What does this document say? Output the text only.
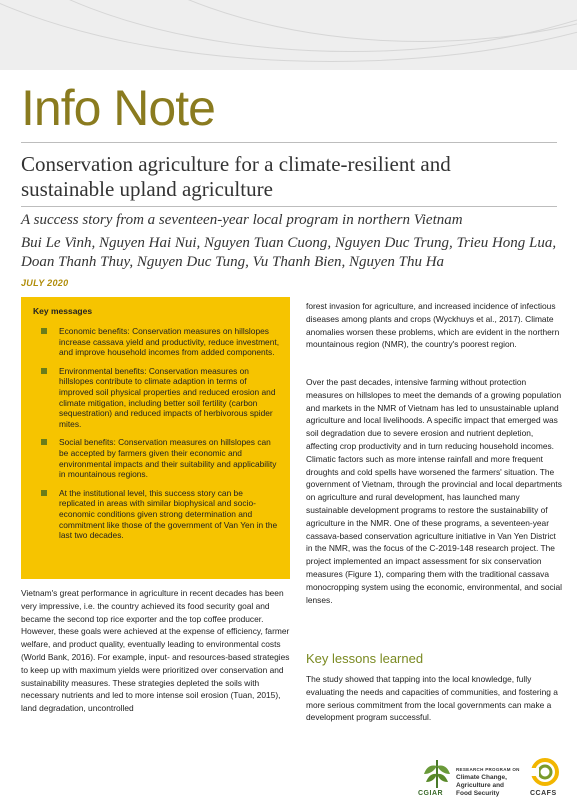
Info Note
Conservation agriculture for a climate-resilient and sustainable upland agriculture
A success story from a seventeen-year local program in northern Vietnam
Bui Le Vinh, Nguyen Hai Nui, Nguyen Tuan Cuong, Nguyen Duc Trung, Trieu Hong Lua, Doan Thanh Thuy, Nguyen Duc Tung, Vu Thanh Bien, Nguyen Thu Ha
JULY 2020
Key messages
Economic benefits: Conservation measures on hillslopes increase cassava yield and productivity, reduce investment, and improve household incomes from added components.
Environmental benefits: Conservation measures on hillslopes contribute to climate adaption in terms of improved soil physical properties and reduced erosion and climate mitigation, including better soil fertility (carbon sequestration) and reduced impacts of herbivorous spider mites.
Social benefits: Conservation measures on hillslopes can be accepted by farmers given their economic and environmental impacts and their suitability and applicability in mountainous regions.
At the institutional level, this success story can be replicated in areas with similar biophysical and socio-economic conditions given strong determination and commitment like those of the government of Van Yen in the last two decades.
Vietnam's great performance in agriculture in recent decades has been very impressive, i.e. the country achieved its food security goal and became the second top rice exporter and the top coffee producer. However, these goals were achieved at the expense of efficiency, farmer welfare, and product quality, eventually leading to environmental costs (World Bank, 2016). For example, input- and resources-based strategies to keep up with maximum yields were prioritized over conservation and sustainability measures. These strategies depleted the soils with necessary nutrients and led to more intense soil erosion (Tuan, 2015), land degradation, uncontrolled
forest invasion for agriculture, and increased incidence of infectious diseases among plants and crops (Wyckhuys et al., 2017). Climate anomalies worsen these problems, which are evident in the northern mountainous region (NMR), the country's poorest region.
Over the past decades, intensive farming without protection measures on hillslopes to meet the demands of a growing population and markets in the NMR of Vietnam has led to unsustainable upland agriculture and local livelihoods. A specific impact that emerged was soil degradation due to severe erosion and nutrient depletion, affecting crop productivity and in turn reducing household incomes. Climatic factors such as more intense rainfall and more frequent droughts and cold spells have worsened the farmers' situation. The government of Vietnam, through the provincial and local departments on agriculture and rural development, has launched many sustainable development programs to restore the sustainability of agriculture in the NMR. One of these programs, a seventeen-year cassava-based conservation agriculture initiative in Van Yen District in the NMR, was the focus of the C-2019-148 research project. The project implemented an impact assessment for six conservation measures (Figure 1), comparing them with the traditional cassava monocropping system using the economic, environmental, and social lenses.
Key lessons learned
The study showed that tapping into the local knowledge, fully evaluating the needs and capacities of communities, and fostering a more serious commitment from the local governments can make a development program successful.
CGIAR
RESEARCH PROGRAM ON
Climate Change,
Agriculture and
Food Security	CCAFS
